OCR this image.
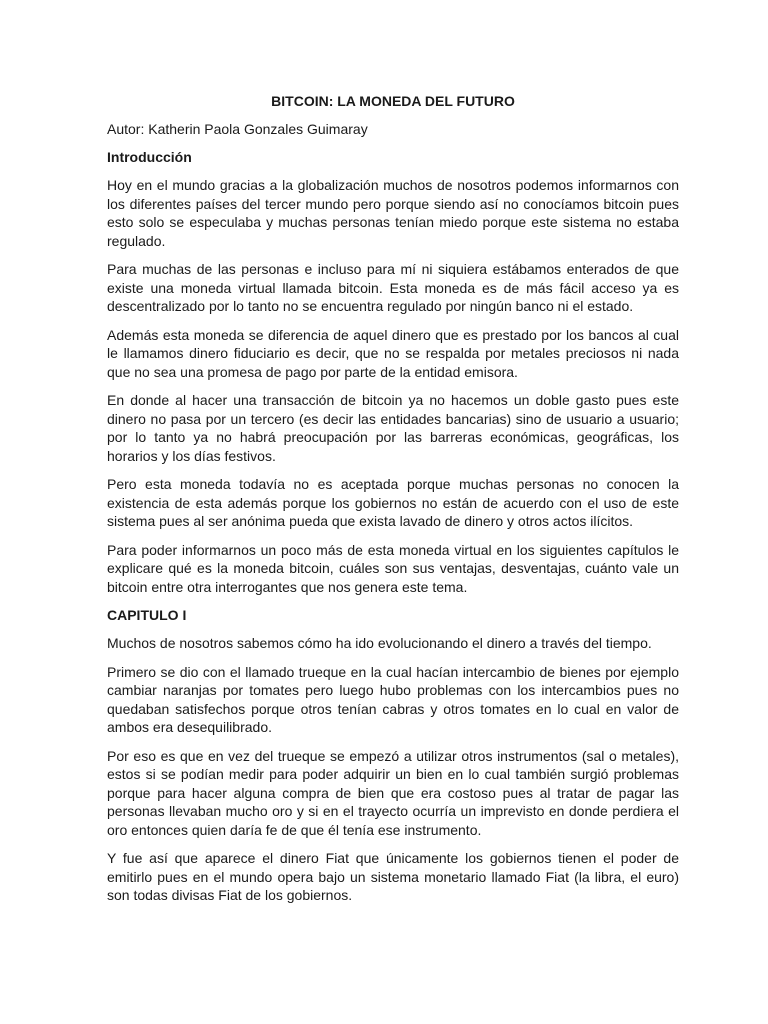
BITCOIN: LA MONEDA DEL FUTURO
Autor: Katherin Paola Gonzales Guimaray
Introducción

Hoy en el mundo gracias a la globalización muchos de nosotros podemos informarnos con los diferentes países del tercer mundo pero porque siendo así no conocíamos bitcoin pues esto solo se especulaba y muchas personas tenían miedo porque este sistema no estaba regulado.

Para muchas de las personas e incluso para mí ni siquiera estábamos enterados de que existe una moneda virtual llamada bitcoin. Esta moneda es de más fácil acceso ya es descentralizado por lo tanto no se encuentra regulado por ningún banco ni el estado.

Además esta moneda se diferencia de aquel dinero que es prestado por los bancos al cual le llamamos dinero fiduciario es decir, que no se respalda por metales preciosos ni nada que no sea una promesa de pago por parte de la entidad emisora.

En donde al hacer una transacción de bitcoin ya no hacemos un doble gasto pues este dinero no pasa por un tercero (es decir las entidades bancarias) sino de usuario a usuario; por lo tanto ya no habrá preocupación por las barreras económicas, geográficas, los horarios y los días festivos.

Pero esta moneda todavía no es aceptada porque muchas personas no conocen la existencia de esta además porque los gobiernos no están de acuerdo con el uso de este sistema pues al ser anónima pueda que exista lavado de dinero y otros actos ilícitos.

Para poder informarnos un poco más de esta moneda virtual en los siguientes capítulos le explicare qué es la moneda bitcoin, cuáles son sus ventajas, desventajas, cuánto vale un bitcoin entre otra interrogantes que nos genera este tema.

CAPITULO I

Muchos de nosotros sabemos cómo ha ido evolucionando el dinero a través del tiempo.

Primero se dio con el llamado trueque en la cual hacían intercambio de bienes por ejemplo cambiar naranjas por tomates pero luego hubo problemas con los intercambios pues no quedaban satisfechos porque otros tenían cabras y otros tomates en lo cual en valor de ambos era desequilibrado.

Por eso es que en vez del trueque se empezó a utilizar otros instrumentos (sal o metales), estos si se podían medir para poder adquirir un bien en lo cual también surgió problemas porque para hacer alguna compra de bien que era costoso pues al tratar de pagar las personas llevaban mucho oro y si en el trayecto ocurría un imprevisto en donde perdiera el oro entonces quien daría fe de que él tenía ese instrumento.

Y fue así que aparece el dinero Fiat que únicamente los gobiernos tienen el poder de emitirlo pues en el mundo opera bajo un sistema monetario llamado Fiat (la libra, el euro) son todas divisas Fiat de los gobiernos.
